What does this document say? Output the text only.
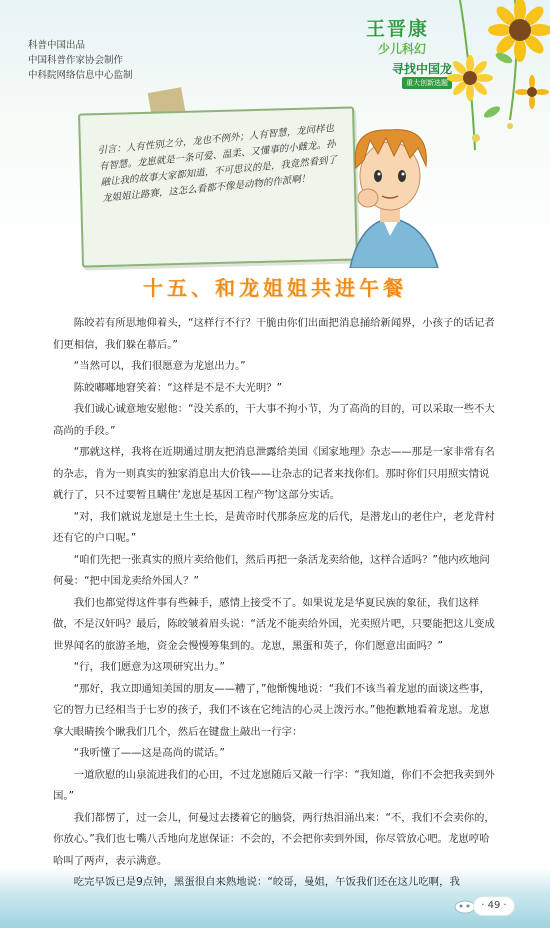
科普中国出品
中国科普作家协会制作
中科院网络信息中心监制
王晋康
少儿科幻
寻找中国龙
重大创新选题
引言：人有性别之分，龙也不例外；人有智慧，龙同样也有智慧。龙崽就是一条可爱、温柔、又懂事的小雌龙。孙融让我的故事大家都知道，不可思议的是，我竟然看到了龙姐姐让路赛，这怎么看都不像是动物的作派啊！
十五、和龙姐姐共进午餐

陈皎若有所思地仰着头，“这样行不行？干脆由你们出面把消息捅给新闻界，小孩子的话记者们更相信，我们躲在幕后。”

“当然可以，我们很愿意为龙崽出力。”

陈皎嘟嘟地窘笑着：“这样是不是不大光明？”

我们诚心诚意地安慰他：“没关系的，干大事不拘小节，为了高尚的目的，可以采取一些不大高尚的手段。”

“那就这样，我将在近期通过朋友把消息泄露给美国《国家地理》杂志——那是一家非常有名的杂志，肯为一则真实的独家消息出大价钱——让杂志的记者来找你们。那时你们只用照实情说就行了，只不过要暂且瞒住‘龙崽是基因工程产物’这部分实话。

“对，我们就说龙崽是土生土长，是黄帝时代那条应龙的后代，是潜龙山的老住户，老龙背村还有它的户口呢。”

“咱们先把一张真实的照片卖给他们，然后再把一条活龙卖给他，这样合适吗？”他内疚地问何曼：“把中国龙卖给外国人？”

我们也都觉得这件事有些棘手，感情上接受不了。如果说龙是华夏民族的象征，我们这样做，不是汉奸吗？最后，陈皎皱着眉头说：“活龙不能卖给外国，光卖照片吧，只要能把这儿变成世界闻名的旅游圣地，资金会慢慢筹集到的。龙崽，黑蛋和英子，你们愿意出面吗？”

“行，我们愿意为这项研究出力。”

“那好，我立即通知美国的朋友——糟了，”他惭愧地说：“我们不该当着龙崽的面谈这些事，它的智力已经相当于七岁的孩子，我们不该在它纯洁的心灵上泼污水。”他抱歉地看着龙崽。龙崽拿大眼睛挨个瞅我们几个，然后在键盘上敲出一行字：

“我听懂了——这是高尚的谎话。”

一道欣慰的山泉流进我们的心田，不过龙崽随后又敲一行字：“我知道，你们不会把我卖到外国。”

我们都愣了，过一会儿，何曼过去搂着它的脑袋，两行热泪涌出来：“不，我们不会卖你的，你放心。”我们也七嘴八舌地向龙崽保证：不会的，不会把你卖到外国，你尽管放心吧。龙崽哼哈哈叫了两声，表示满意。

吃完早饭已是9点钟，黑蛋很自来熟地说：“皎哥，曼姐，午饭我们还在这儿吃啊，我

· 49 ·
